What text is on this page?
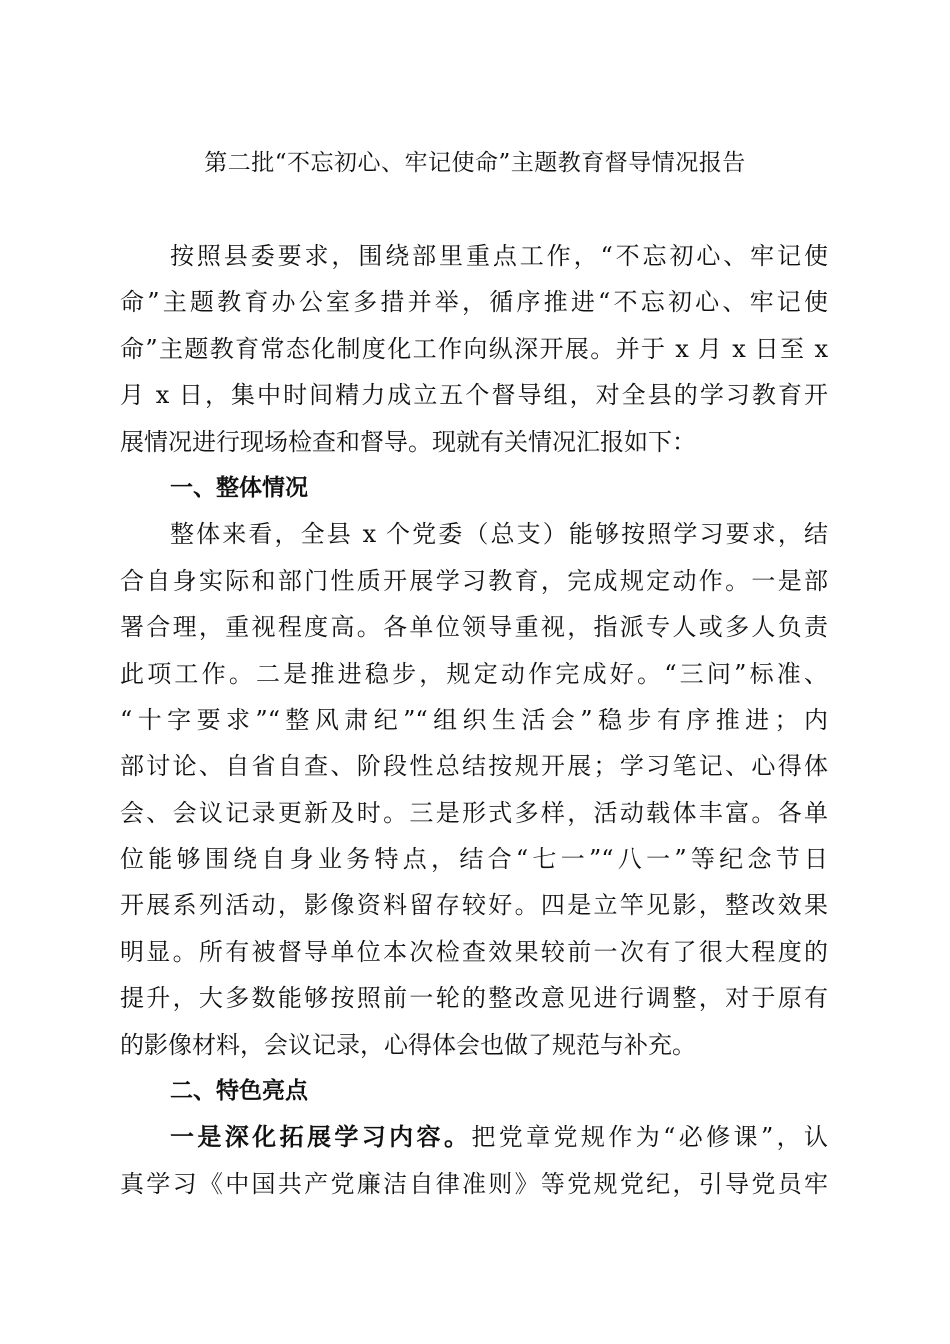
第二批“不忘初心、牢记使命”主题教育督导情况报告
按照县委要求，围绕部里重点工作，“不忘初心、牢记使
命”主题教育办公室多措并举，循序推进“不忘初心、牢记使
命”主题教育常态化制度化工作向纵深开展。并于 x 月 x 日至 x
月 x 日，集中时间精力成立五个督导组，对全县的学习教育开
展情况进行现场检查和督导。现就有关情况汇报如下：
一、整体情况
整体来看，全县 x 个党委（总支）能够按照学习要求，结
合自身实际和部门性质开展学习教育，完成规定动作。一是部
署合理，重视程度高。各单位领导重视，指派专人或多人负责
此项工作。二是推进稳步，规定动作完成好。“三问”标准、
“十字要求”“整风肃纪”“组织生活会”稳步有序推进；内
部讨论、自省自查、阶段性总结按规开展；学习笔记、心得体
会、会议记录更新及时。三是形式多样，活动载体丰富。各单
位能够围绕自身业务特点，结合“七一”“八一”等纪念节日
开展系列活动，影像资料留存较好。四是立竿见影，整改效果
明显。所有被督导单位本次检查效果较前一次有了很大程度的
提升，大多数能够按照前一轮的整改意见进行调整，对于原有
的影像材料，会议记录，心得体会也做了规范与补充。
二、特色亮点
一是深化拓展学习内容。把党章党规作为“必修课”，认
真学习《中国共产党廉洁自律准则》等党规党纪，引导党员牢
